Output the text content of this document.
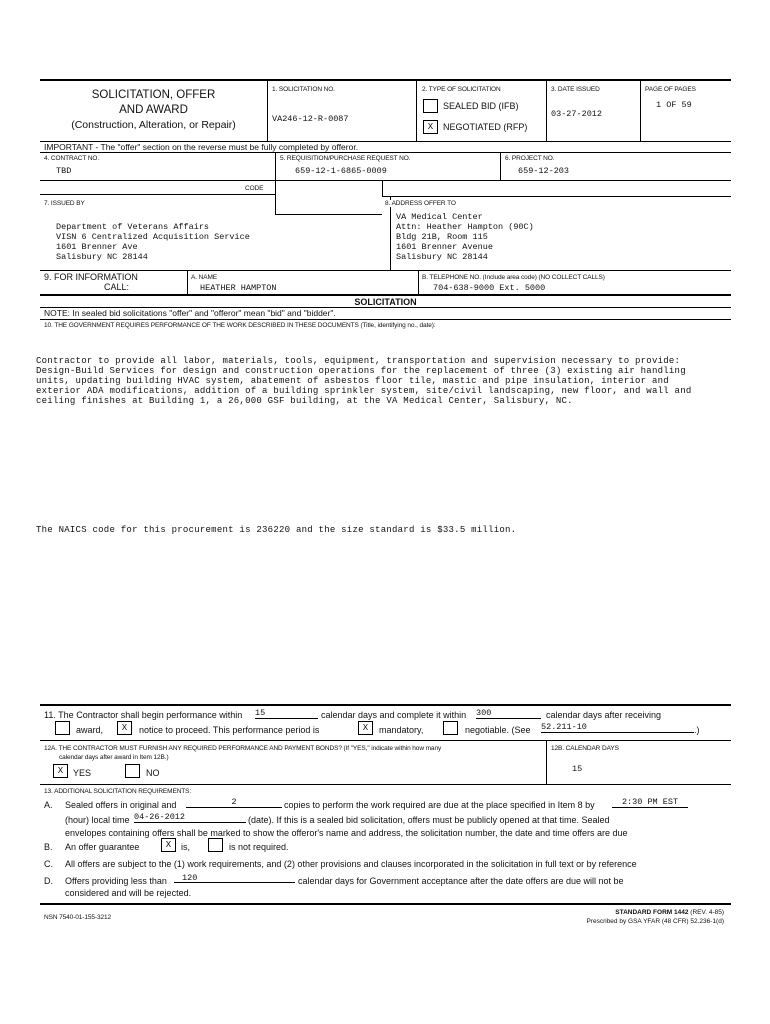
SOLICITATION, OFFER
AND AWARD
(Construction, Alteration, or Repair)
1. SOLICITATION NO.
VA246-12-R-0087
2. TYPE OF SOLICITATION
SEALED BID (IFB)
X	NEGOTIATED (RFP)
3. DATE ISSUED
03-27-2012
PAGE OF PAGES
1 OF 59
IMPORTANT - The "offer" section on the reverse must be fully completed by offeror.
4. CONTRACT NO.
TBD
5. REQUISITION/PURCHASE REQUEST NO.
659-12-1-6865-0009
6. PROJECT NO.
659-12-203
CODE
7. ISSUED BY
Department of Veterans Affairs
VISN 6 Centralized Acquisition Service
1601 Brenner Ave
Salisbury NC 28144
8. ADDRESS OFFER TO
VA Medical Center
Attn: Heather Hampton (90C)
Bldg 21B, Room 115
1601 Brenner Avenue
Salisbury NC 28144
9. FOR INFORMATION
CALL:
A. NAME
HEATHER HAMPTON
B. TELEPHONE NO. (Include area code) (NO COLLECT CALLS)
704-638-9000 Ext. 5000
SOLICITATION
NOTE: In sealed bid solicitations "offer" and "offeror" mean "bid" and "bidder".
10. THE GOVERNMENT REQUIRES PERFORMANCE OF THE WORK DESCRIBED IN THESE DOCUMENTS (Title, identifying no., date):
Contractor to provide all labor, materials, tools, equipment, transportation and supervision necessary to provide:
Design-Build Services for design and construction operations for the replacement of three (3) existing air handling
units, updating building HVAC system, abatement of asbestos floor tile, mastic and pipe insulation, interior and
exterior ADA modifications, addition of a building sprinkler system, site/civil landscaping, new floor, and wall and
ceiling finishes at Building 1, a 26,000 GSF building, at the VA Medical Center, Salisbury, NC.
The NAICS code for this procurement is 236220 and the size standard is $33.5 million.
11. The Contractor shall begin performance within 15	calendar days and complete it within 300	calendar days after receiving
award,	X	notice to proceed. This performance period is	X	mandatory,	negotiable. (See 52.211-10	.)
12A. THE CONTRACTOR MUST FURNISH ANY REQUIRED PERFORMANCE AND PAYMENT BONDS? (If "YES," indicate within how many
calendar days after award in Item 12B.)
X	YES	NO
12B. CALENDAR DAYS
15
13. ADDITIONAL SOLICITATION REQUIREMENTS:
A. Sealed offers in original and	2	copies to perform the work required are due at the place specified in Item 8 by	2:30 PM EST
(hour) local time 04-26-2012	(date). If this is a sealed bid solicitation, offers must be publicly opened at that time. Sealed
envelopes containing offers shall be marked to show the offeror's name and address, the solicitation number, the date and time offers are due
B. An offer guarantee	X	is,	is not required.
C. All offers are subject to the (1) work requirements, and (2) other provisions and clauses incorporated in the solicitation in full text or by reference
D. Offers providing less than	120	calendar days for Government acceptance after the date offers are due will not be
considered and will be rejected.
NSN 7540-01-155-3212
STANDARD FORM 1442 (REV. 4-85)
Prescribed by GSA YFAR (48 CFR) 52.236-1(d)
